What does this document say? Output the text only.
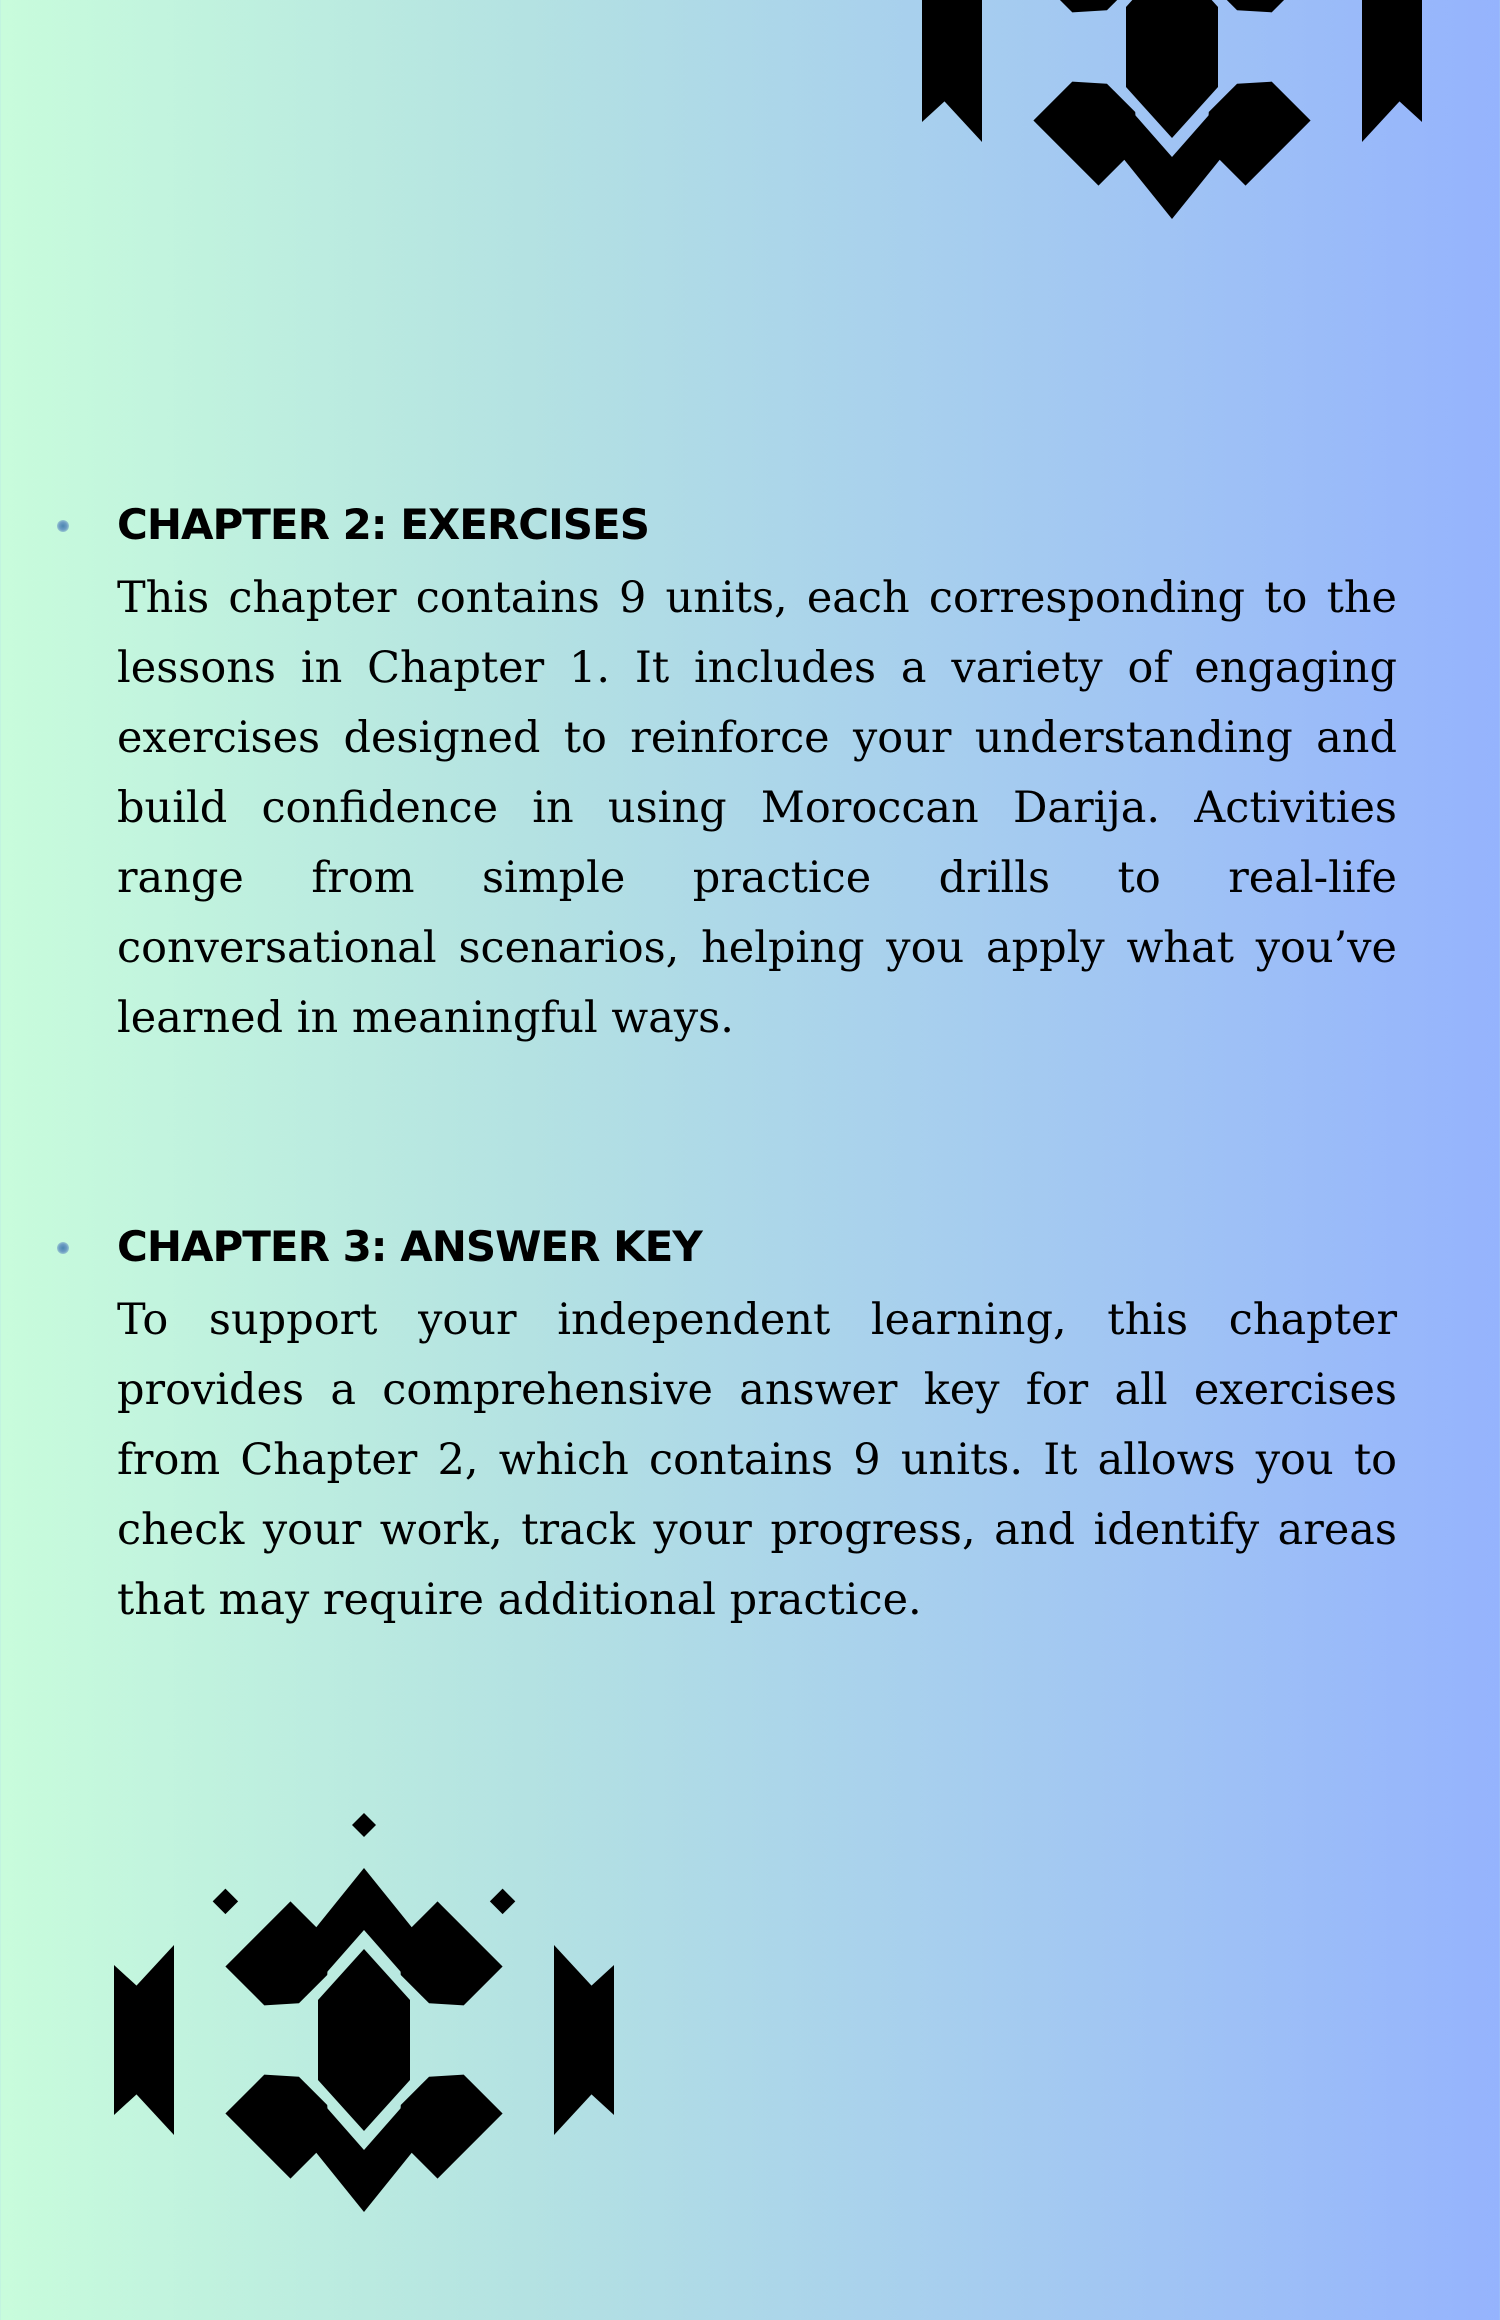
CHAPTER 2: EXERCISES

This chapter contains 9 units, each corresponding to the lessons in Chapter 1. It includes a variety of engaging exercises designed to reinforce your understanding and build confidence in using Moroccan Darija. Activities range from simple practice drills to real-life conversational scenarios, helping you apply what you’ve learned in meaningful ways.

CHAPTER 3: ANSWER KEY

To support your independent learning, this chapter provides a comprehensive answer key for all exercises from Chapter 2, which contains 9 units. It allows you to check your work, track your progress, and identify areas that may require additional practice.
